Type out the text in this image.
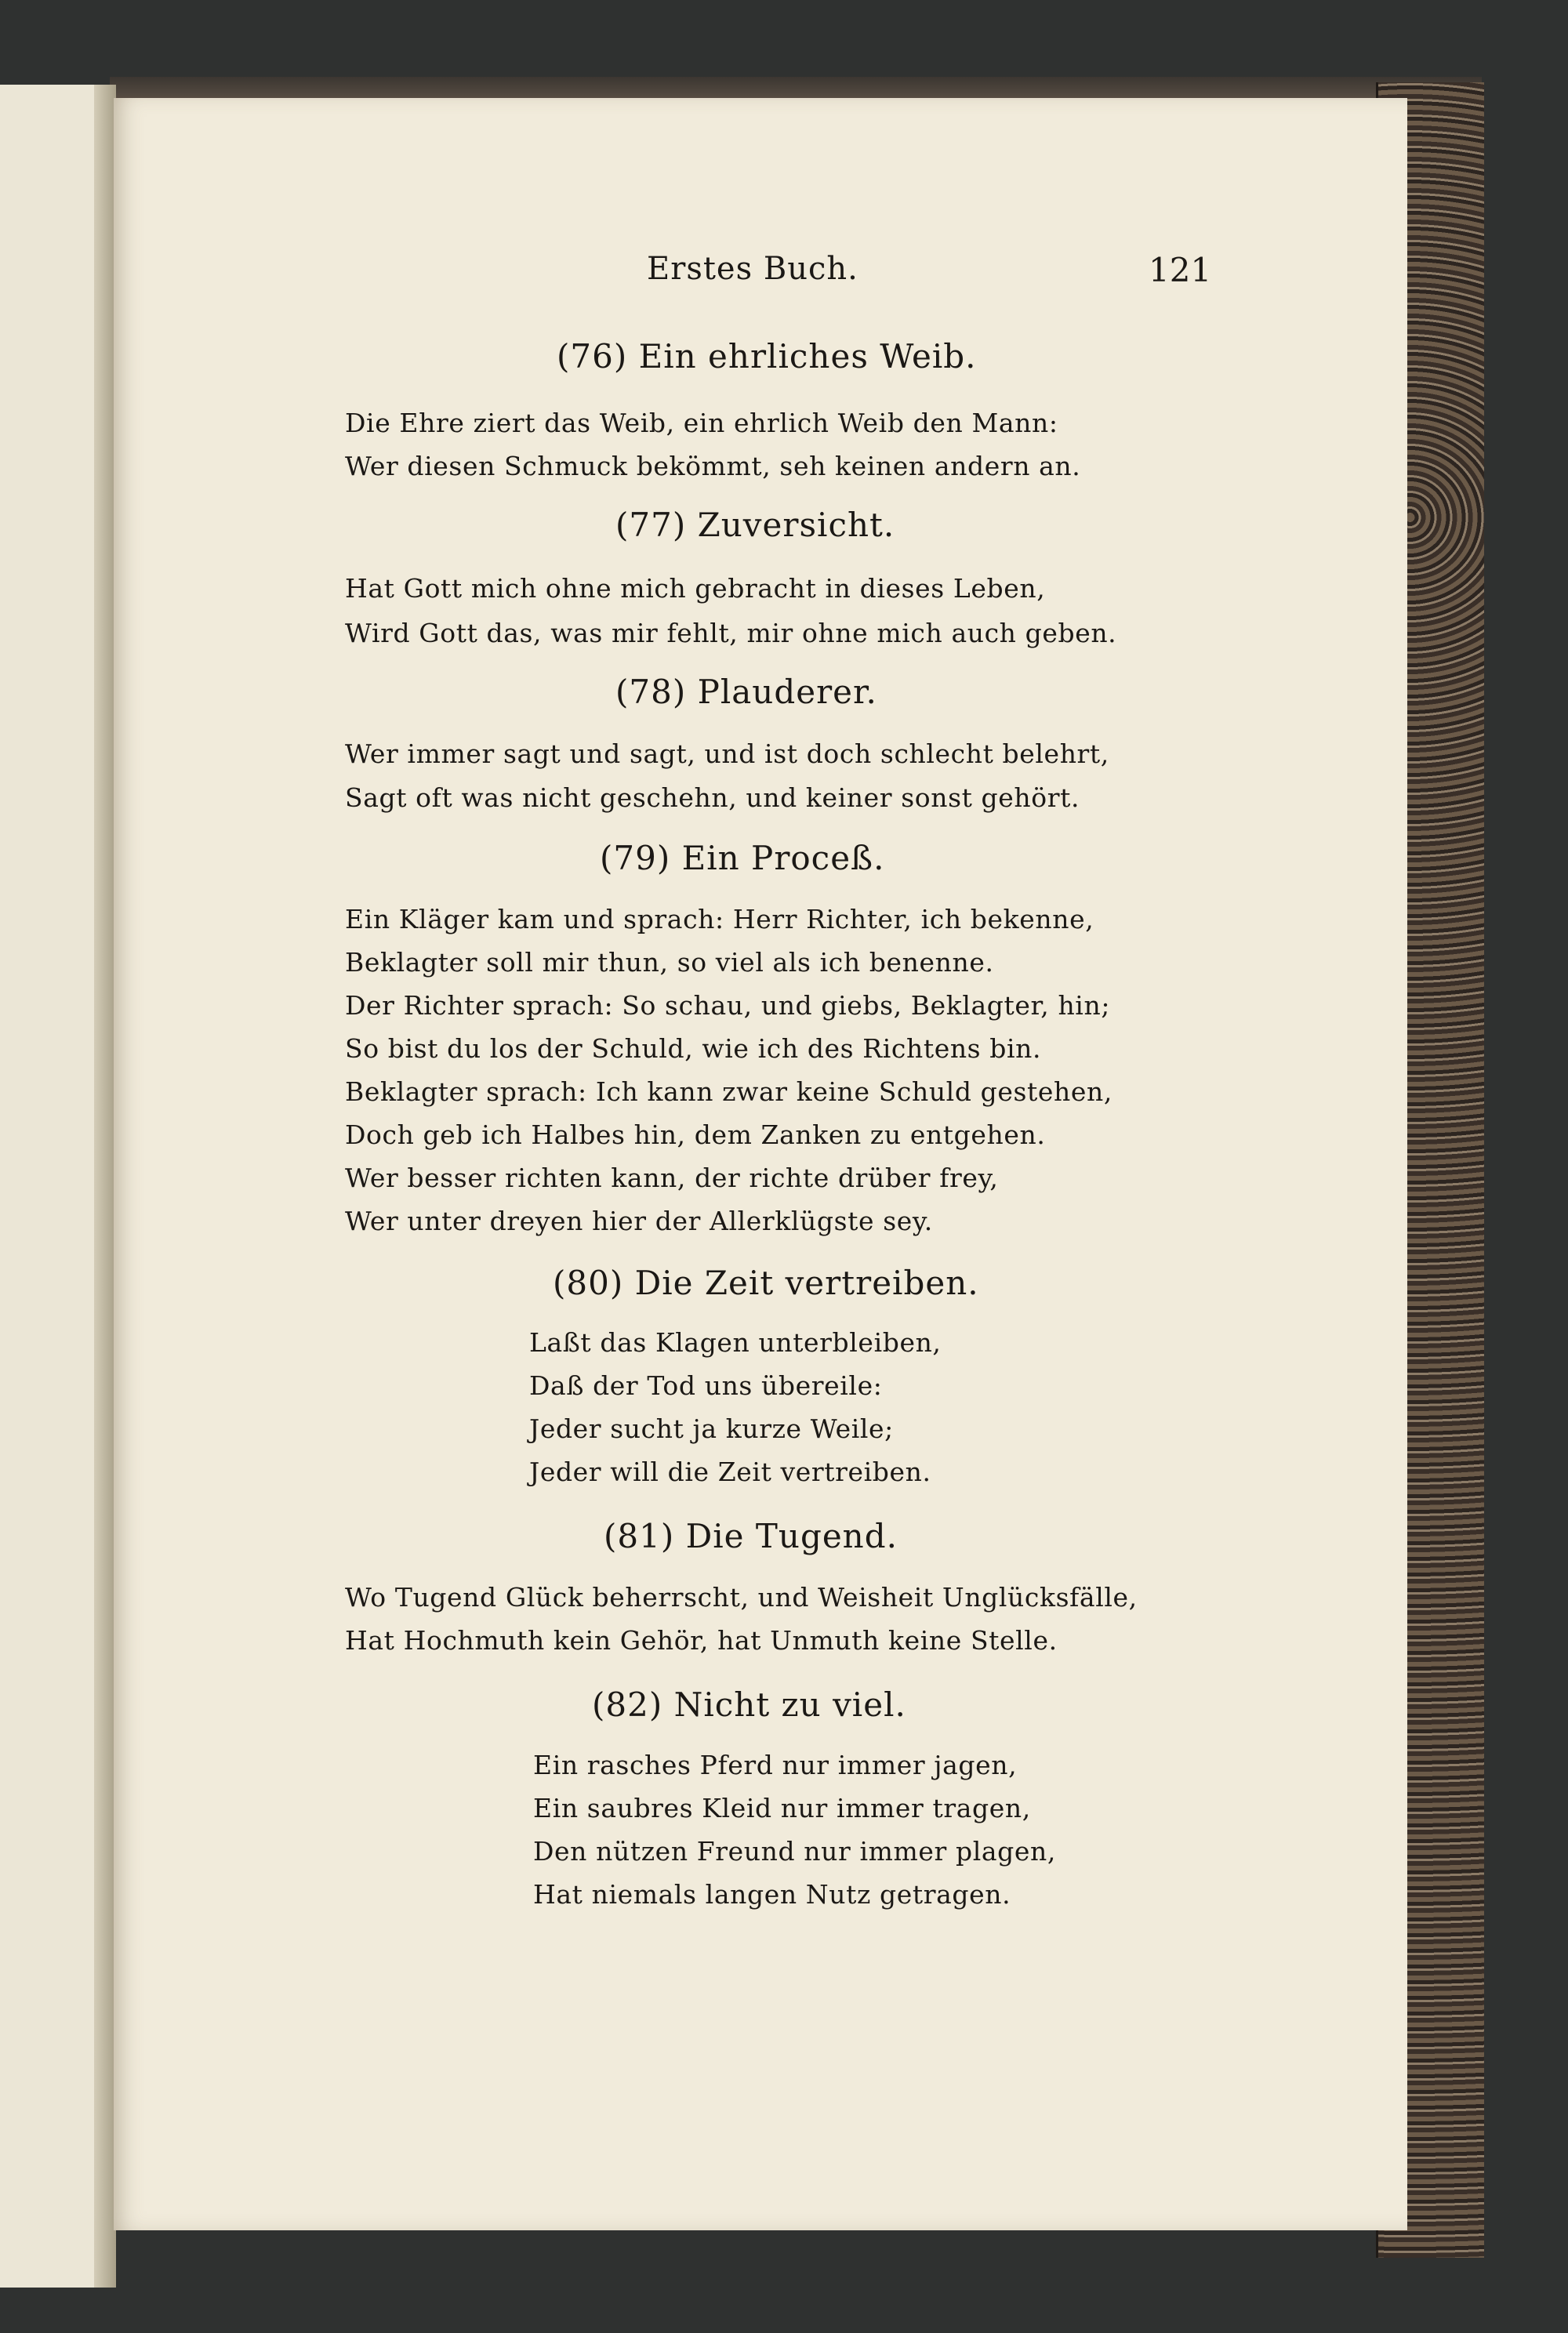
Erstes Buch.	121
(76) Ein ehrliches Weib.
Die Ehre ziert das Weib, ein ehrlich Weib den Mann:
Wer diesen Schmuck bekömmt, seh keinen andern an.
(77) Zuversicht.
Hat Gott mich ohne mich gebracht in dieses Leben,
Wird Gott das, was mir fehlt, mir ohne mich auch geben.
(78) Plauderer.
Wer immer sagt und sagt, und ist doch schlecht belehrt,
Sagt oft was nicht geschehn, und keiner sonst gehört.
(79) Ein Proceß.
Ein Kläger kam und sprach: Herr Richter, ich bekenne,
Beklagter soll mir thun, so viel als ich benenne.
Der Richter sprach: So schau, und giebs, Beklagter, hin;
So bist du los der Schuld, wie ich des Richtens bin.
Beklagter sprach: Ich kann zwar keine Schuld gestehen,
Doch geb ich Halbes hin, dem Zanken zu entgehen.
Wer besser richten kann, der richte drüber frey,
Wer unter dreyen hier der Allerklügste sey.
(80) Die Zeit vertreiben.
Laßt das Klagen unterbleiben,
Daß der Tod uns übereile:
Jeder sucht ja kurze Weile;
Jeder will die Zeit vertreiben.
(81) Die Tugend.
Wo Tugend Glück beherrscht, und Weisheit Unglücksfälle,
Hat Hochmuth kein Gehör, hat Unmuth keine Stelle.
(82) Nicht zu viel.
Ein rasches Pferd nur immer jagen,
Ein saubres Kleid nur immer tragen,
Den nützen Freund nur immer plagen,
Hat niemals langen Nutz getragen.
